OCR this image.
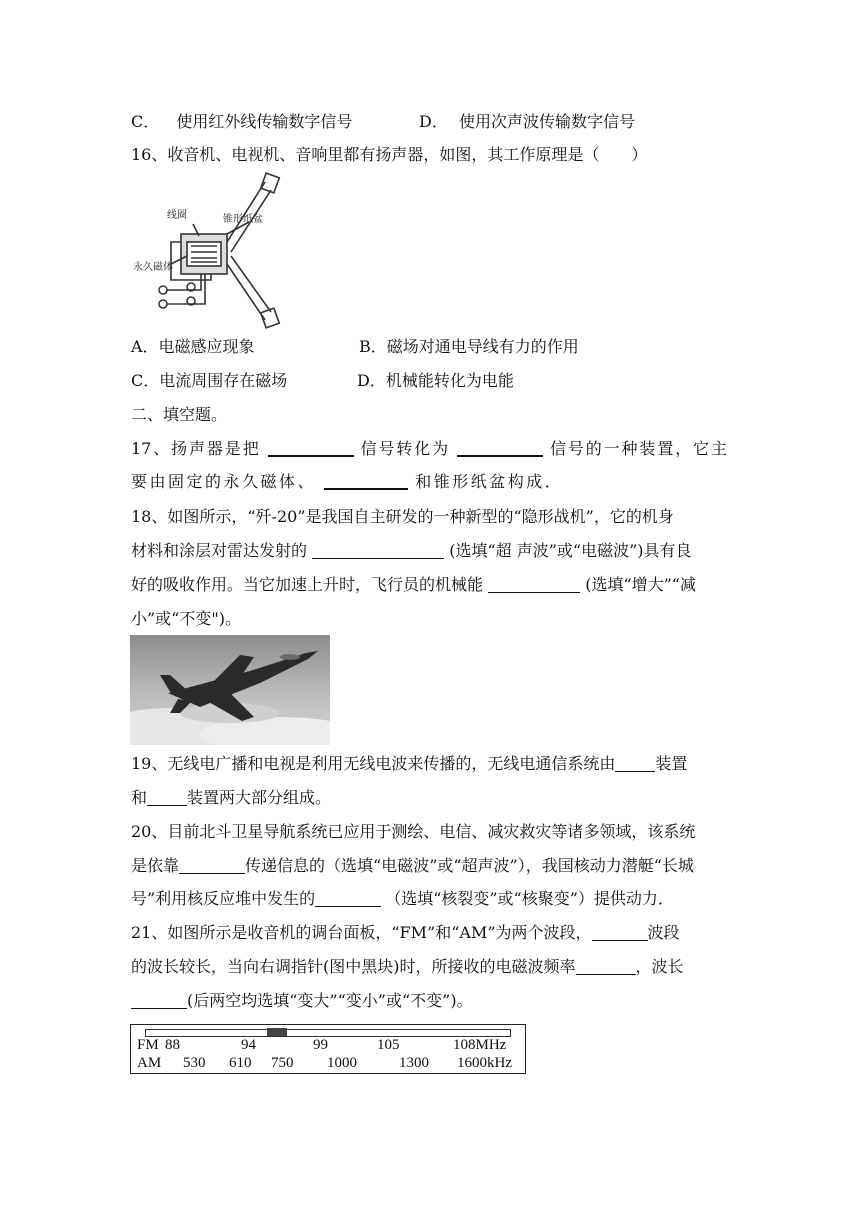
C． 使用红外线传输数字信号	D． 使用次声波传输数字信号
16、收音机、电视机、音响里都有扬声器，如图，其工作原理是（　　）
线圈	锥形纸盆
永久磁体
A．电磁感应现象	B．磁场对通电导线有力的作用
C．电流周围存在磁场	D．机械能转化为电能
二、填空题。
17、扬声器是把	信号转化为	信号的一种装置，它主
要由固定的永久磁体、	和锥形纸盆构成．
18、如图所示，“歼-20”是我国自主研发的一种新型的“隐形战机”，它的机身
材料和涂层对雷达发射的	(选填“超 声波”或“电磁波”)具有良
好的吸收作用。当它加速上升时，飞行员的机械能	(选填“增大”“减
小”或“不变")。
19、无线电广播和电视是利用无线电波来传播的，无线电通信系统由	装置
和	装置两大部分组成。
20、目前北斗卫星导航系统已应用于测绘、电信、减灾救灾等诸多领域，该系统
是依靠	传递信息的（选填“电磁波”或“超声波”），我国核动力潜艇“长城
号”利用核反应堆中发生的	（选填“核裂变”或“核聚变”）提供动力．
21、如图所示是收音机的调台面板，“FM”和“AM”为两个波段，	波段
的波长较长，当向右调指针(图中黑块)时，所接收的电磁波频率	，波长
(后两空均选填“变大”“变小”或“不变”)。
FM 88	94	99	105	108MHz
AM 530 610 750 1000	1300 1600kHz
